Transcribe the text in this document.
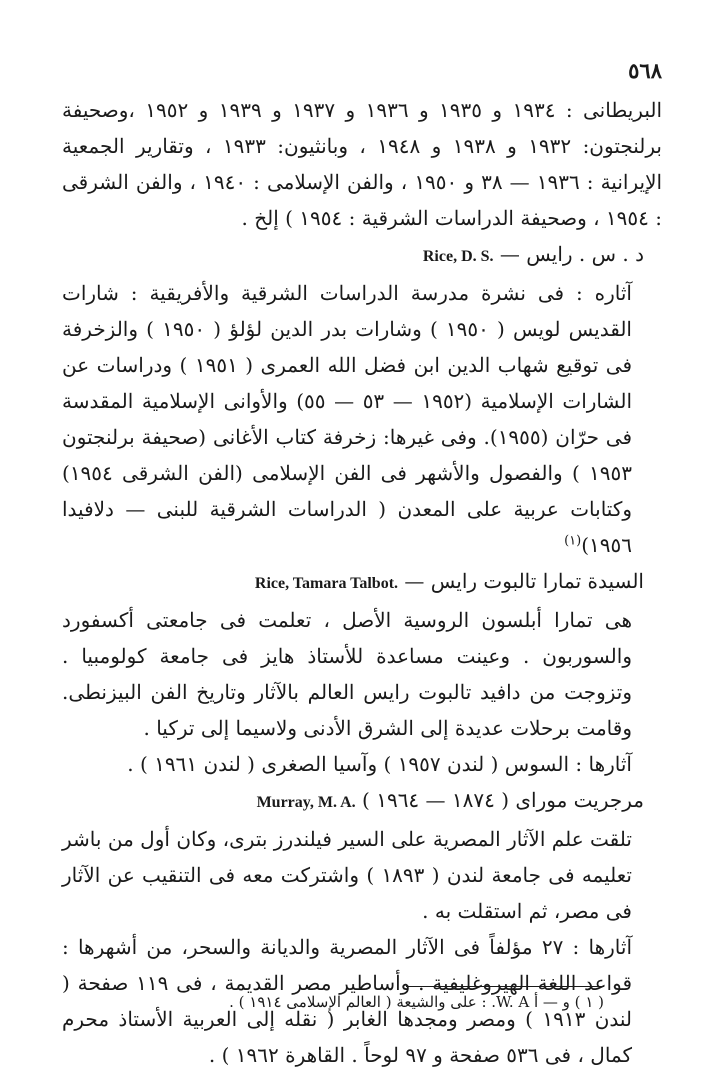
٥٦٨

البريطانى : ١٩٣٤ و ١٩٣٥ و ١٩٣٦ و ١٩٣٧ و ١٩٣٩ و ١٩٥٢ ،وصحيفة برلنجتون: ١٩٣٢ و ١٩٣٨ و ١٩٤٨ ، وبانثيون: ١٩٣٣ ، وتقارير الجمعية الإيرانية : ١٩٣٦ — ٣٨ و ١٩٥٠ ، والفن الإسلامى : ١٩٤٠ ، والفن الشرقى : ١٩٥٤ ، وصحيفة الدراسات الشرقية : ١٩٥٤ ) إلخ .

د . س . رايس — Rice, D. S.

آثاره : فى نشرة مدرسة الدراسات الشرقية والأفريقية : شارات القديس لويس ( ١٩٥٠ ) وشارات بدر الدين لؤلؤ ( ١٩٥٠ ) والزخرفة فى توقيع شهاب الدين ابن فضل الله العمرى ( ١٩٥١ ) ودراسات عن الشارات الإسلامية (١٩٥٢ — ٥٣ — ٥٥) والأوانى الإسلامية المقدسة فى حرّان (١٩٥٥). وفى غيرها: زخرفة كتاب الأغانى (صحيفة برلنجتون ١٩٥٣ ) والفصول والأشهر فى الفن الإسلامى (الفن الشرقى ١٩٥٤) وكتابات عربية على المعدن ( الدراسات الشرقية للبنى — دلافيدا ١٩٥٦)$^{(١)}$

السيدة تمارا تالبوت رايس — Rice, Tamara Talbot.

هى تمارا أبلسون الروسية الأصل ، تعلمت فى جامعتى أكسفورد والسوربون . وعينت مساعدة للأستاذ هايز فى جامعة كولومبيا . وتزوجت من دافيد تالبوت رايس العالم بالآثار وتاريخ الفن البيزنطى. وقامت برحلات عديدة إلى الشرق الأدنى ولاسيما إلى تركيا .

آثارها : السوس ( لندن ١٩٥٧ ) وآسيا الصغرى ( لندن ١٩٦١ ) .

مرجريت موراى ( ١٨٧٤ — ١٩٦٤ ) Murray, M. A.

تلقت علم الآثار المصرية على السير فيلندرز بترى، وكان أول من باشر تعليمه فى جامعة لندن ( ١٨٩٣ ) واشتركت معه فى التنقيب عن الآثار فى مصر، ثم استقلت به .

آثارها : ٢٧ مؤلفاً فى الآثار المصرية والديانة والسحر، من أشهرها : قواعد اللغة الهيروغليفية . وأساطير مصر القديمة ، فى ١١٩ صفحة ( لندن ١٩١٣ ) ومصر ومجدها الغابر ( نقله إلى العربية الأستاذ محرم كمال ، فى ٥٣٦ صفحة و ٩٧ لوحاً . القاهرة ١٩٦٢ ) .

( ١ ) و — أ W. A. : على والشيعة ( العالم الإسلامى ١٩١٤ ) .
